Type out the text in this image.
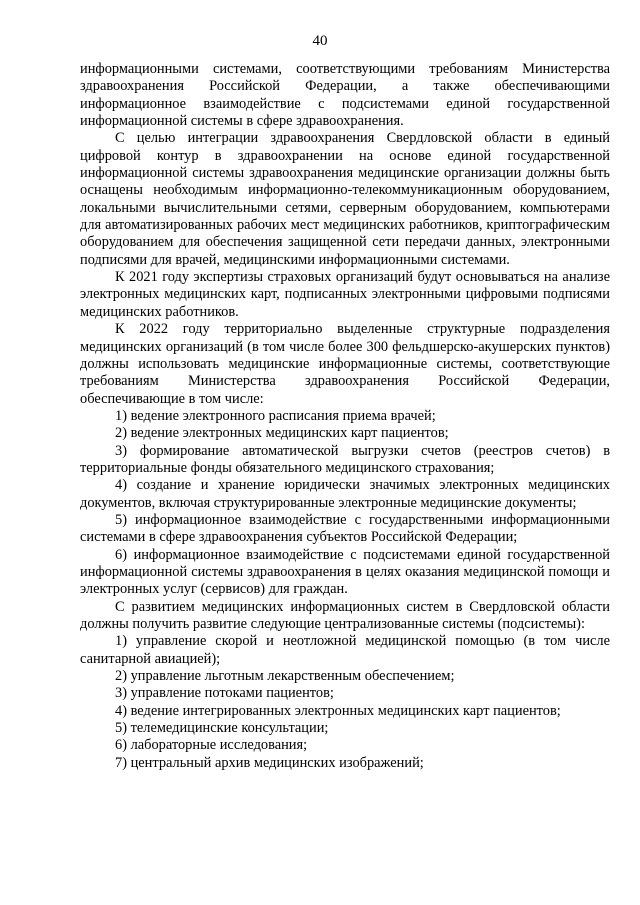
40

информационными системами, соответствующими требованиям Министерства здравоохранения Российской Федерации, а также обеспечивающими информационное взаимодействие с подсистемами единой государственной информационной системы в сфере здравоохранения.

С целью интеграции здравоохранения Свердловской области в единый цифровой контур в здравоохранении на основе единой государственной информационной системы здравоохранения медицинские организации должны быть оснащены необходимым информационно-телекоммуникационным оборудованием, локальными вычислительными сетями, серверным оборудованием, компьютерами для автоматизированных рабочих мест медицинских работников, криптографическим оборудованием для обеспечения защищенной сети передачи данных, электронными подписями для врачей, медицинскими информационными системами.

К 2021 году экспертизы страховых организаций будут основываться на анализе электронных медицинских карт, подписанных электронными цифровыми подписями медицинских работников.

К 2022 году территориально выделенные структурные подразделения медицинских организаций (в том числе более 300 фельдшерско-акушерских пунктов) должны использовать медицинские информационные системы, соответствующие требованиям Министерства здравоохранения Российской Федерации, обеспечивающие в том числе:

1) ведение электронного расписания приема врачей;

2) ведение электронных медицинских карт пациентов;

3) формирование автоматической выгрузки счетов (реестров счетов) в территориальные фонды обязательного медицинского страхования;

4) создание и хранение юридически значимых электронных медицинских документов, включая структурированные электронные медицинские документы;

5) информационное взаимодействие с государственными информационными системами в сфере здравоохранения субъектов Российской Федерации;

6) информационное взаимодействие с подсистемами единой государственной информационной системы здравоохранения в целях оказания медицинской помощи и электронных услуг (сервисов) для граждан.

С развитием медицинских информационных систем в Свердловской области должны получить развитие следующие централизованные системы (подсистемы):

1) управление скорой и неотложной медицинской помощью (в том числе санитарной авиацией);

2) управление льготным лекарственным обеспечением;

3) управление потоками пациентов;

4) ведение интегрированных электронных медицинских карт пациентов;

5) телемедицинские консультации;

6) лабораторные исследования;

7) центральный архив медицинских изображений;
